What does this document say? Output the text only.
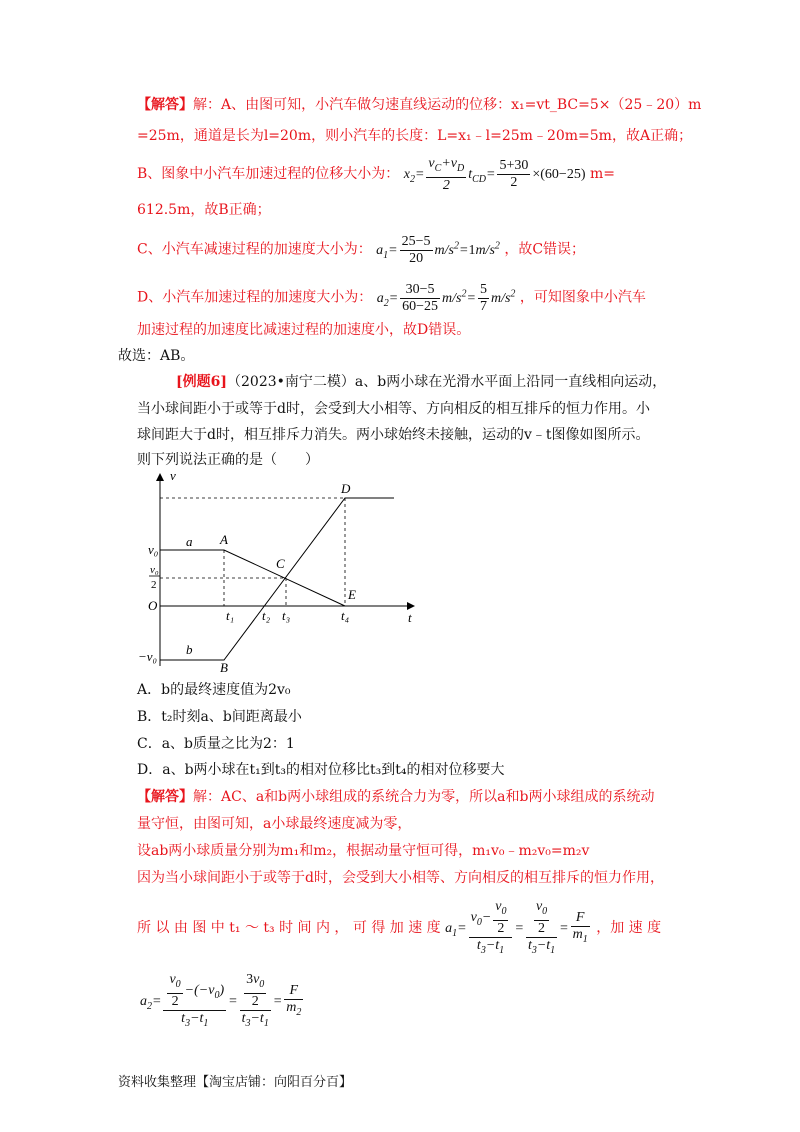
【解答】解：A、由图可知，小汽车做匀速直线运动的位移：x₁=vt_BC=5×（25﹣20）m
=25m，通道是长为l=20m，则小汽车的长度：L=x₁﹣l=25m﹣20m=5m，故A正确；
B、图象中小汽车加速过程的位移大小为： $x_2= \frac{v_C+v_D}{2} t_{CD}= \frac{5+30}{2} \times(60-25)$ m=
612.5m，故B正确；
C、小汽车减速过程的加速度大小为： $a_1= \frac{25-5}{20} m/s^2=1m/s^2$ ，故C错误；
D、小汽车加速过程的加速度大小为： $a_2= \frac{30-5}{60-25} m/s^2= \frac{5}{7} m/s^2$ ，可知图象中小汽车
加速过程的加速度比减速过程的加速度小，故D错误。
故选：AB。
[例题6]（2023•南宁二模）a、b两小球在光滑水平面上沿同一直线相向运动，
当小球间距小于或等于d时，会受到大小相等、方向相反的相互排斥的恒力作用。小
球间距大于d时，相互排斥力消失。两小球始终未接触，运动的v﹣t图像如图所示。
则下列说法正确的是（　　）
v
t
O
v₀
v₀
2
−v₀
a
b
A
B
C
D
E
t₁ t₂ t₃	t₄
A．b的最终速度值为2v₀
B．t₂时刻a、b间距离最小
C．a、b质量之比为2：1
D．a、b两小球在t₁到t₃的相对位移比t₃到t₄的相对位移要大
【解答】解：AC、a和b两小球组成的系统合力为零，所以a和b两小球组成的系统动
量守恒，由图可知，a小球最终速度减为零，
设ab两小球质量分别为m₁和m₂，根据动量守恒可得，m₁v₀﹣m₂v₀=m₂v
因为当小球间距小于或等于d时，会受到大小相等、方向相反的相互排斥的恒力作用，
所 以 由 图 中 t₁ ～ t₃ 时 间 内 ， 可 得 加 速 度 $a_1= \frac{v_0- \frac{v_0}{2}}{t_3-t_1} = \frac{\frac{v_0}{2}}{t_3-t_1} = \frac{F}{m_1}$ ，加 速 度
$a_2= \frac{\frac{v_0}{2} -(-v_0)}{t_3-t_1} = \frac{\frac{3v_0}{2}}{t_3-t_1} = \frac{F}{m_2}$
资料收集整理【淘宝店铺：向阳百分百】
